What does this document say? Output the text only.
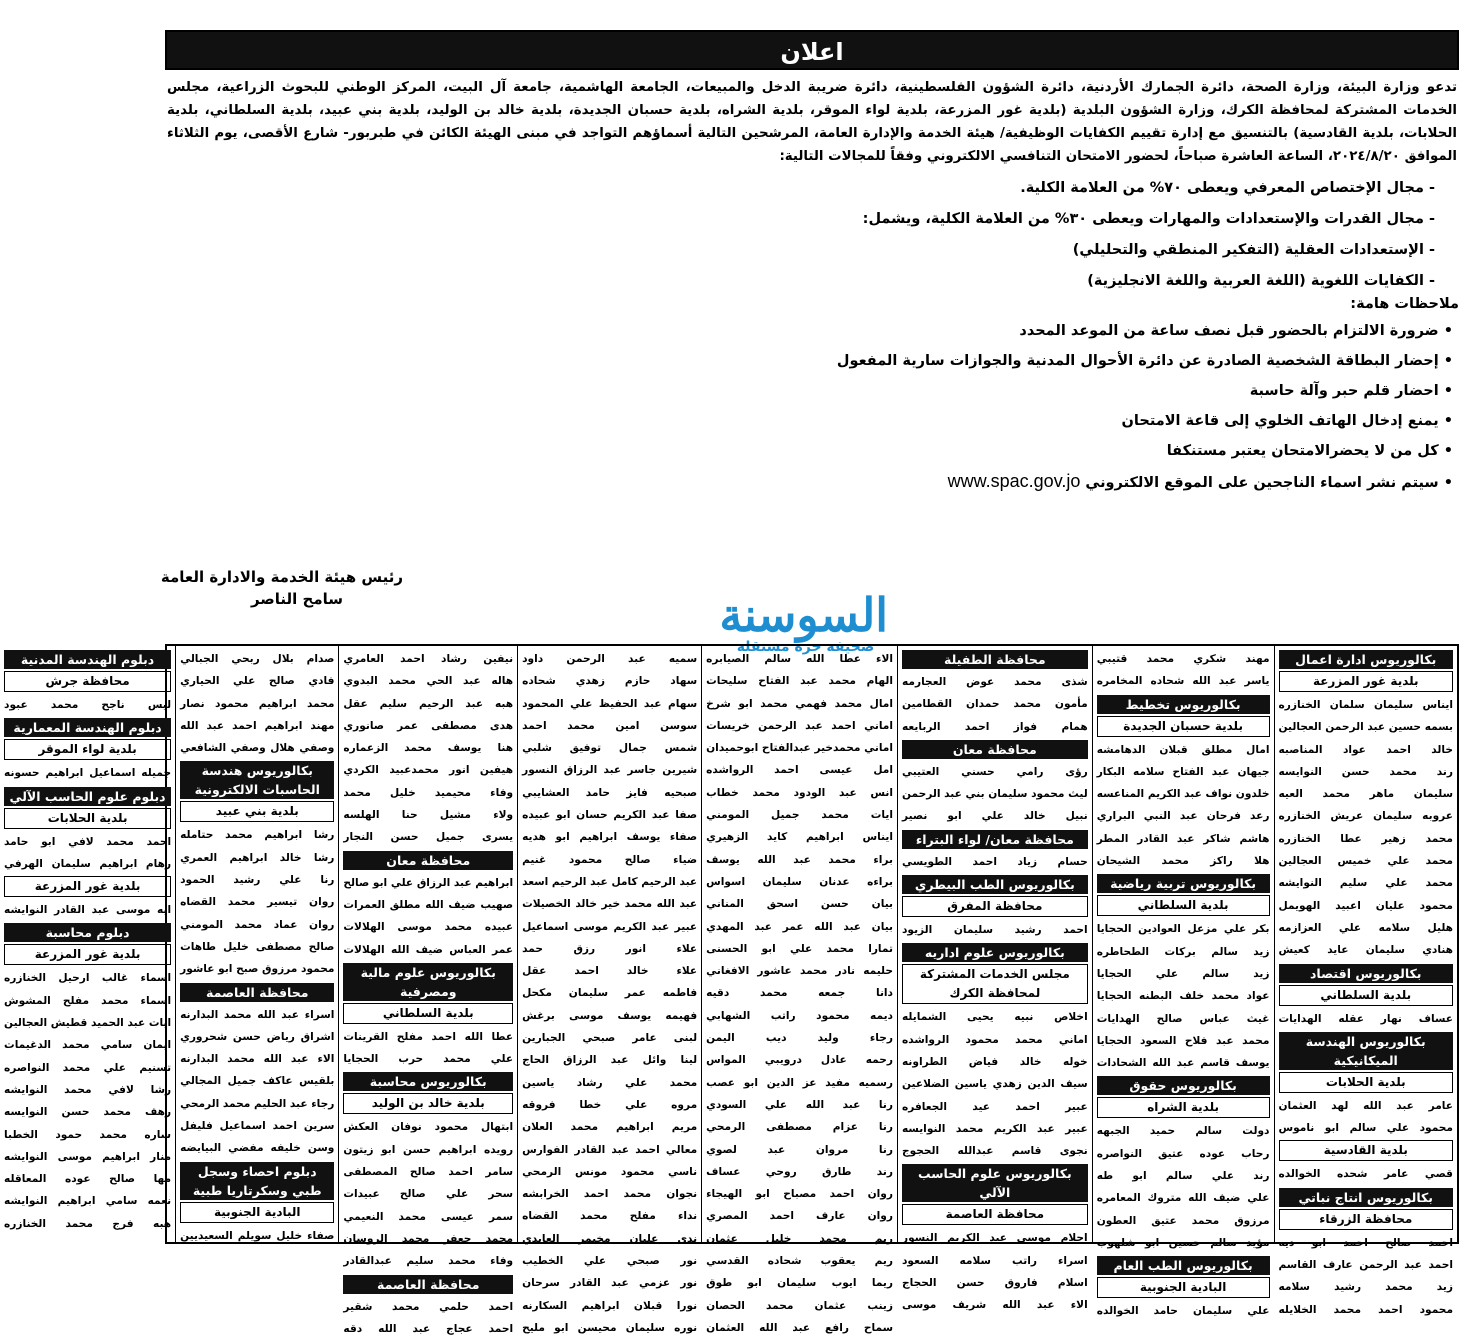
اعلان
تدعو وزارة البيئة، وزارة الصحة، دائرة الجمارك الأردنية، دائرة الشؤون الفلسطينية، دائرة ضريبة الدخل والمبيعات، الجامعة الهاشمية، جامعة آل البيت، المركز الوطني للبحوث الزراعية، مجلس الخدمات المشتركة لمحافظة الكرك، وزارة الشؤون البلدية (بلدية غور المزرعة، بلدية لواء الموقر، بلدية الشراه، بلدية حسبان الجديدة، بلدية خالد بن الوليد، بلدية بني عبيد، بلدية السلطاني، بلدية الحلابات، بلدية القادسية) بالتنسيق مع إدارة تقييم الكفايات الوظيفية/ هيئة الخدمة والإدارة العامة، المرشحين التالية أسماؤهم التواجد في مبنى الهيئة الكائن في طبربور- شارع الأقصى، يوم الثلاثاء الموافق ٢٠٢٤/٨/٢٠، الساعة العاشرة صباحاً، لحضور الامتحان التنافسي الالكتروني وفقاً للمجالات التالية:
- مجال الإختصاص المعرفي ويعطى ٧٠% من العلامة الكلية.
- مجال القدرات والإستعدادات والمهارات ويعطى ٣٠% من العلامة الكلية، ويشمل:
- الإستعدادات العقلية (التفكير المنطقي والتحليلي)
- الكفايات اللغوية (اللغة العربية واللغة الانجليزية)
ملاحظات هامة:
• ضرورة الالتزام بالحضور قبل نصف ساعة من الموعد المحدد
• إحضار البطاقة الشخصية الصادرة عن دائرة الأحوال المدنية والجوازات سارية المفعول
• احضار قلم حبر وآلة حاسبة
• يمنع إدخال الهاتف الخلوي إلى قاعة الامتحان
• كل من لا يحضرالامتحان يعتبر مستنكفا
• سيتم نشر اسماء الناجحين على الموقع الالكتروني www.spac.gov.jo
رئيس هيئة الخدمة والادارة العامة
سامح الناصر	السوسنة
صحيفة حرة مستقلة
بكالوريوس ادارة اعمال
بلدية غور المزرعة
ايناس سليمان سلمان الخنازره
بسمه حسين عبد الرحمن العجالين
خالد احمد عواد المناصبه
رند محمد حسن النوايسه
سليمان ماهر محمد العيه
عروبه سليمان عريش الخنازره
محمد زهير عطا الخنازره
محمد علي خميس العجالين
محمد علي سليم النوايشه
محمود عليان اعبيد الهويمل
هليل سلامه علي العزازمه
هنادي سليمان عايد كعيش
بكالوريوس اقتصاد
بلدية السلطاني
عساف نهار عقله الهدايات
بكالوريوس الهندسة الميكانيكية
بلدية الحلابات
عامر عبد الله لهد العثمان
محمود علي سالم ابو ناموس
بلدية القادسية
قصي عامر شحده الخوالده
بكالوريوس انتاج نباتي
محافظة الزرقاء
احمد صالح احمد ابو ديه
احمد عبد الرحمن عارف القاسم
زيد محمد رشيد سلامه
محمود احمد محمد الخلايله
مهند شكري محمد قتيبي
ياسر عبد الله شحاده المخامره
بكالوريوس تخطيط
بلدية حسبان الجديدة
امال مطلق قبلان الدهامشه
جيهان عبد الفتاح سلامه البكار
خلدون نواف عبد الكريم المناعسه
رعد فرحان عبد النبي البراري
هاشم شاكر عبد القادر المطر
هلا راكز محمد الشيحان
بكالوريوس تربية رياضية
بلدية السلطاني
بكر علي مزعل العوادين الحجايا
زيد سالم بركات الطحاطره
زيد سالم علي الحجايا
عواد محمد خلف البطنه الحجايا
غيث عباس صالح الهدايات
محمد عبد فلاح السعود الحجايا
يوسف قاسم عبد الله الشحادات
بكالوريوس حقوق
بلدية الشراه
دولت سالم حميد الجبهه
رحاب عوده عتيق النواصره
رند علي سالم ابو طه
علي ضيف الله متروك المعامره
مرزوق محمد عتيق العطون
مؤيد سالم حسين ابو شلهوب
بكالوريوس الطب العام
البادية الجنوبية
علي سليمان حامد الخوالده
محافظة الطفيلة
شذى محمد عوض العجارمه
مأمون محمد حمدان القطامين
همام فواز احمد الربايعه
محافظة معان
رؤى رامي حسني العتيبي
ليث محمود سليمان بني عبد الرحمن
نبيل خالد علي ابو نصير
محافظة معان/ لواء البتراء
حسام زياد احمد الطويسي
بكالوريوس الطب البيطري
محافظة المفرق
احمد رشيد سليمان الزيود
بكالوريوس علوم اداريه
مجلس الخدمات المشتركة لمحافظة الكرك
اخلاص نبيه يحيى الشمايله
اماني محمد محمود الرواشده
خوله خالد فياض الطراونه
سيف الدين زهدي ياسين الضلاعين
عبير احمد عيد الجعافره
عبير عبد الكريم محمد النوايسه
نجوى قاسم عبدالله الحجوج
بكالوريوس علوم الحاسب الآلي
محافظة العاصمة
احلام موسى عبد الكريم النسور
اسراء راتب سلامه السعود
اسلام فاروق حسن الحجاج
الاء عبد الله شريف موسى
الاء عطا الله سالم الصيابره
الهام محمد عبد الفتاح سليحات
امال محمد فهمي محمد ابو شرخ
اماني احمد عبد الرحمن خريسات
اماني محمدخير عبدالفتاح ابوحميدان
امل عيسى احمد الرواشده
انس عبد الودود محمد خطاب
ايات محمد جميل المومني
ايناس ابراهيم كايد الزهيري
براء محمد عبد الله يوسف
براءه عدنان سليمان اسواس
بيان حسن اسحق المناني
بيان عبد الله عمر عبد المهدي
تمارا محمد علي ابو الحسنى
حليمه نادر محمد عاشور الافغاني
دانا جمعه محمد دقيه
ديمه محمود راتب الشهابي
رجاء وليد ديب اليمن
رحمه عادل درويبي المواس
رسميه مفيد عز الدين ابو عصب
رنا عبد الله علي السودي
رنا عزام مصطفى الرمحي
رنا مروان عبد لصوي
رند طارق روحي عساف
روان احمد مصباح ابو الهيجاء
روان عارف احمد المصري
ريم محمد خليل عثمان
ريم يعقوب شحاده القدسي
ريما ايوب سليمان ابو طوق
زينب عثمان محمد الحصان
سماح رافع عبد الله العثمان
سميه عبد الرحمن داود
سهاد حازم زهدي شحاده
سهام عبد الحفيظ علي المحمود
سوسن امين محمد احمد
شمس جمال توفيق شلبي
شيرين جاسر عبد الرزاق النسور
صبحيه فايز حامد العشايبي
صفا عبد الكريم حسان ابو عبيده
صفاء يوسف ابراهيم ابو هديه
ضياء صالح محمود غنيم
عبد الرحيم كامل عبد الرحيم اسعد
عبد الله محمد خير خالد الخصيلات
عبير عبد الكريم موسى اسماعيل
علاء انور رزق حمد
علاء خالد احمد عقل
فاطمه عمر سليمان مكحل
فهيمه يوسف موسى برغش
لبنى عامر صبحي الجبارين
لينا وائل عبد الرزاق الحاج
محمد علي رشاد ياسين
مروه علي خطا فروقه
مريم ابراهيم محمد العلان
معالي احمد عبد القادر الفوارس
ناسي محمود مونس الرمحي
نجوان محمد احمد الخرابشه
نداء مفلح محمد القضاه
ندى عليان مخيمر العايدي
نور صبحي علي الخطيب
نور عزمي عبد القادر سرحان
نورا قبلان ابراهيم السكارنه
نوره سليمان محيسن ابو مليح
نيفين رشاد احمد العامري
هاله عبد الحي محمد البدوي
هبه عبد الرحيم سليم عقل
هدى مصطفى عمر صانوري
هنا يوسف محمد الزعماره
هيفين انور محمدعبيد الكردي
وفاء محيميد خليل محمد
ولاء مشيل حنا الهلسه
يسرى جميل حسن النجار
محافظة معان
ابراهيم عبد الرزاق علي ابو صالح
صهيب ضيف الله مطلق العمرات
عبيده محمد موسى الهلالات
عمر العباس ضيف الله الهلالات
بكالوريوس علوم مالية ومصرفية
بلدية السلطاني
عطا الله احمد مفلح القرينات
علي محمد حرب الحجايا
بكالوريوس محاسبة
بلدية خالد بن الوليد
ابتهال محمود نوفان العكش
رويده ابراهيم حسن ابو زيتون
سامر احمد صالح المصطفى
سحر علي صالح عبيدات
سمر عيسى محمد النعيمي
محمد جعفر محمد الروسان
وفاء محمد سليم عبدالقادر
محافظة العاصمة
احمد حلمي محمد شقير
احمد عجاج عبد الله دقه
صدام بلال ربحي الجبالي
فادي صالح علي الحياري
محمد ابراهيم محمود نصار
مهند ابراهيم احمد عبد الله
وصفي هلال وصفي الشافعي
بكالوريوس هندسة الحاسبات الالكترونية
بلدية بني عبيد
رشا ابراهيم محمد حتامله
رشا خالد ابراهيم العمري
رنا علي رشيد الحمود
روان تيسير محمد القضاه
روان عماد محمد المومني
صالح مصطفى خليل طاهات
محمود مرزوق صبح ابو عاشور
محافظة العاصمة
اسراء عبد الله محمد البدارنه
اشراق رياض حسن شحروري
الاء عبد الله محمد البدارنه
بلقيس عاكف جميل المجالي
رجاء عبد الحليم محمد الرمحي
سرين احمد اسماعيل فليفل
وسن خليفه مفضي البيايضه
دبلوم احصاء وسجل طبي وسكرتاريا طبية
البادية الجنوبية
صفاء خليل سويلم السعيديين
دبلوم الهندسة المدنية
محافظة جرش
ليس ناجح محمد عبود
دبلوم الهندسة المعمارية
بلدية لواء الموقر
جميله اسماعيل ابراهيم حسونه
دبلوم علوم الحاسب الآلي
بلدية الحلابات
احمد محمد لافي ابو حامد
رهام ابراهيم سليمان الهرفي
بلدية غور المزرعة
ايه موسى عبد القادر النوايشه
دبلوم محاسبة
بلدية غور المزرعة
اسماء غالب ارحيل الخنازره
اسماء محمد مفلح المشوش
ايات عبد الحميد قطيش العجالين
ايمان سامي محمد الدغيمات
تسنيم علي محمد النواصره
رشا لافي محمد النوايشه
رهف محمد حسن النوايسه
ساره محمد حمود الخطبا
منار ابراهيم موسى النوايشه
مها صالح عوده المعاقله
نعمه سامي ابراهيم النوايشه
هبه فرج محمد الخنازره
